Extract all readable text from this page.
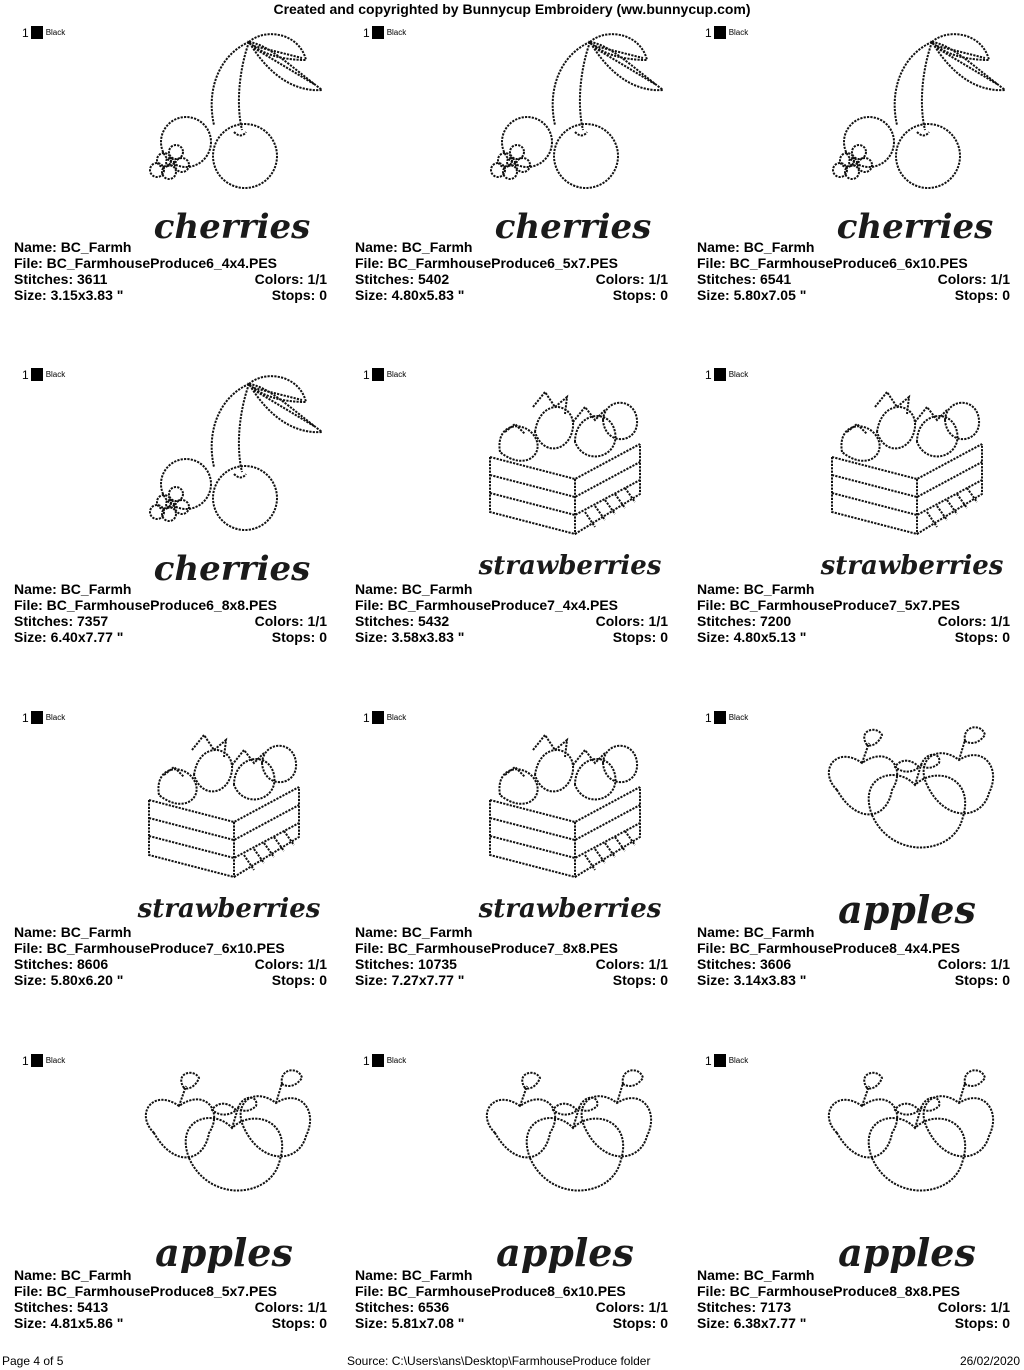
Created and copyrighted by Bunnycup Embroidery (ww.bunnycup.com)
1 Black
cherries
Name: BC_Farmh
File: BC_FarmhouseProduce6_4x4.PES
Stitches: 3611	Colors: 1/1
Size: 3.15x3.83 "	Stops: 0
1 Black
cherries
Name: BC_Farmh
File: BC_FarmhouseProduce6_5x7.PES
Stitches: 5402	Colors: 1/1
Size: 4.80x5.83 "	Stops: 0
1 Black
cherries
Name: BC_Farmh
File: BC_FarmhouseProduce6_6x10.PES
Stitches: 6541	Colors: 1/1
Size: 5.80x7.05 "	Stops: 0
1 Black
cherries
Name: BC_Farmh
File: BC_FarmhouseProduce6_8x8.PES
Stitches: 7357	Colors: 1/1
Size: 6.40x7.77 "	Stops: 0
1 Black
strawberries
Name: BC_Farmh
File: BC_FarmhouseProduce7_4x4.PES
Stitches: 5432	Colors: 1/1
Size: 3.58x3.83 "	Stops: 0
1 Black
strawberries
Name: BC_Farmh
File: BC_FarmhouseProduce7_5x7.PES
Stitches: 7200	Colors: 1/1
Size: 4.80x5.13 "	Stops: 0
1 Black
strawberries
Name: BC_Farmh
File: BC_FarmhouseProduce7_6x10.PES
Stitches: 8606	Colors: 1/1
Size: 5.80x6.20 "	Stops: 0
1 Black
strawberries
Name: BC_Farmh
File: BC_FarmhouseProduce7_8x8.PES
Stitches: 10735	Colors: 1/1
Size: 7.27x7.77 "	Stops: 0
1 Black
apples
Name: BC_Farmh
File: BC_FarmhouseProduce8_4x4.PES
Stitches: 3606	Colors: 1/1
Size: 3.14x3.83 "	Stops: 0
1 Black
apples
Name: BC_Farmh
File: BC_FarmhouseProduce8_5x7.PES
Stitches: 5413	Colors: 1/1
Size: 4.81x5.86 "	Stops: 0
1 Black
apples
Name: BC_Farmh
File: BC_FarmhouseProduce8_6x10.PES
Stitches: 6536	Colors: 1/1
Size: 5.81x7.08 "	Stops: 0
1 Black
apples
Name: BC_Farmh
File: BC_FarmhouseProduce8_8x8.PES
Stitches: 7173	Colors: 1/1
Size: 6.38x7.77 "	Stops: 0
Page 4 of 5	Source: C:\Users\ans\Desktop\FarmhouseProduce folder	26/02/2020
